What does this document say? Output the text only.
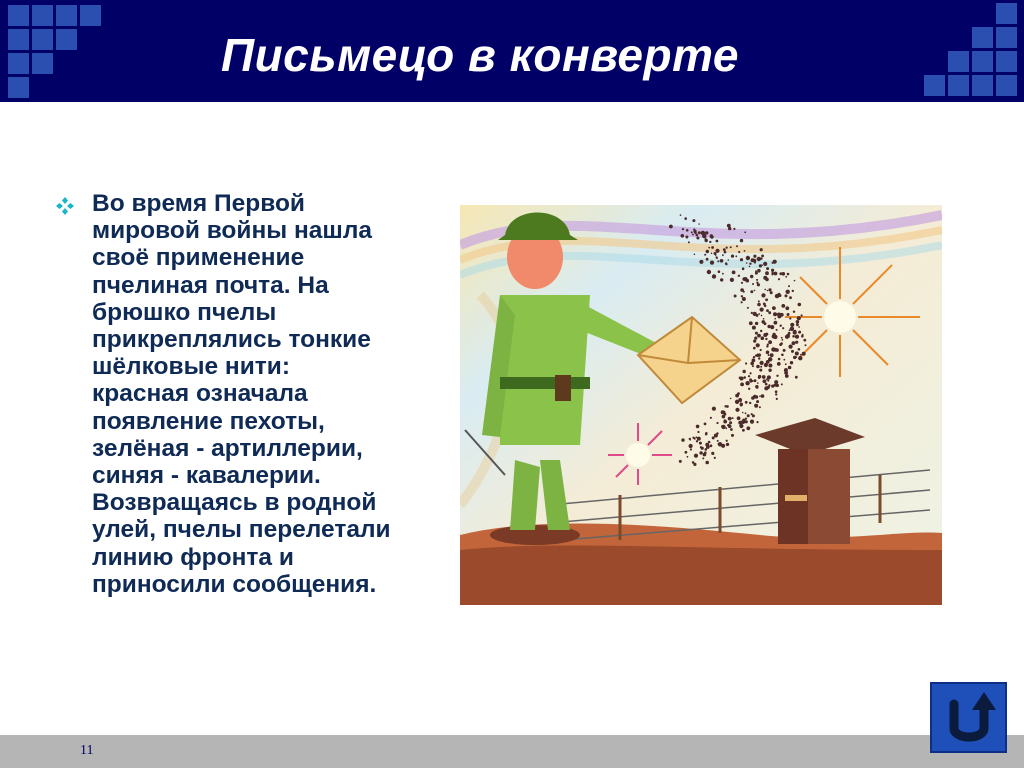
Письмецо в конверте
Во время Первой
мировой войны нашла
своё применение
пчелиная почта. На
брюшко пчелы
прикреплялись тонкие
шёлковые нити:
красная означала
появление пехоты,
зелёная - артиллерии,
синяя - кавалерии.
Возвращаясь в родной
улей, пчелы перелетали
линию фронта и
приносили сообщения.
11
